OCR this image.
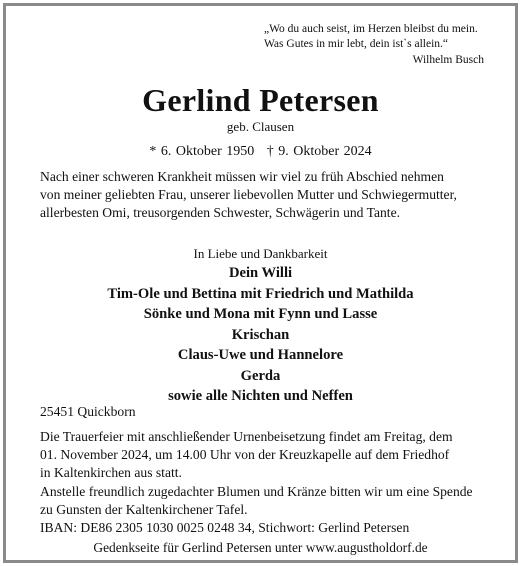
„Wo du auch seist, im Herzen bleibst du mein.
Was Gutes in mir lebt, dein ist`s allein.“
Wilhelm Busch
Gerlind Petersen
geb. Clausen
* 6. Oktober 1950 † 9. Oktober 2024
Nach einer schweren Krankheit müssen wir viel zu früh Abschied nehmen
von meiner geliebten Frau, unserer liebevollen Mutter und Schwiegermutter,
allerbesten Omi, treusorgenden Schwester, Schwägerin und Tante.
In Liebe und Dankbarkeit
Dein Willi
Tim-Ole und Bettina mit Friedrich und Mathilda
Sönke und Mona mit Fynn und Lasse
Krischan
Claus-Uwe und Hannelore
Gerda
sowie alle Nichten und Neffen
25451 Quickborn
Die Trauerfeier mit anschließender Urnenbeisetzung findet am Freitag, dem
01. November 2024, um 14.00 Uhr von der Kreuzkapelle auf dem Friedhof
in Kaltenkirchen aus statt.
Anstelle freundlich zugedachter Blumen und Kränze bitten wir um eine Spende
zu Gunsten der Kaltenkirchener Tafel.
IBAN: DE86 2305 1030 0025 0248 34, Stichwort: Gerlind Petersen
Gedenkseite für Gerlind Petersen unter www.augustholdorf.de
